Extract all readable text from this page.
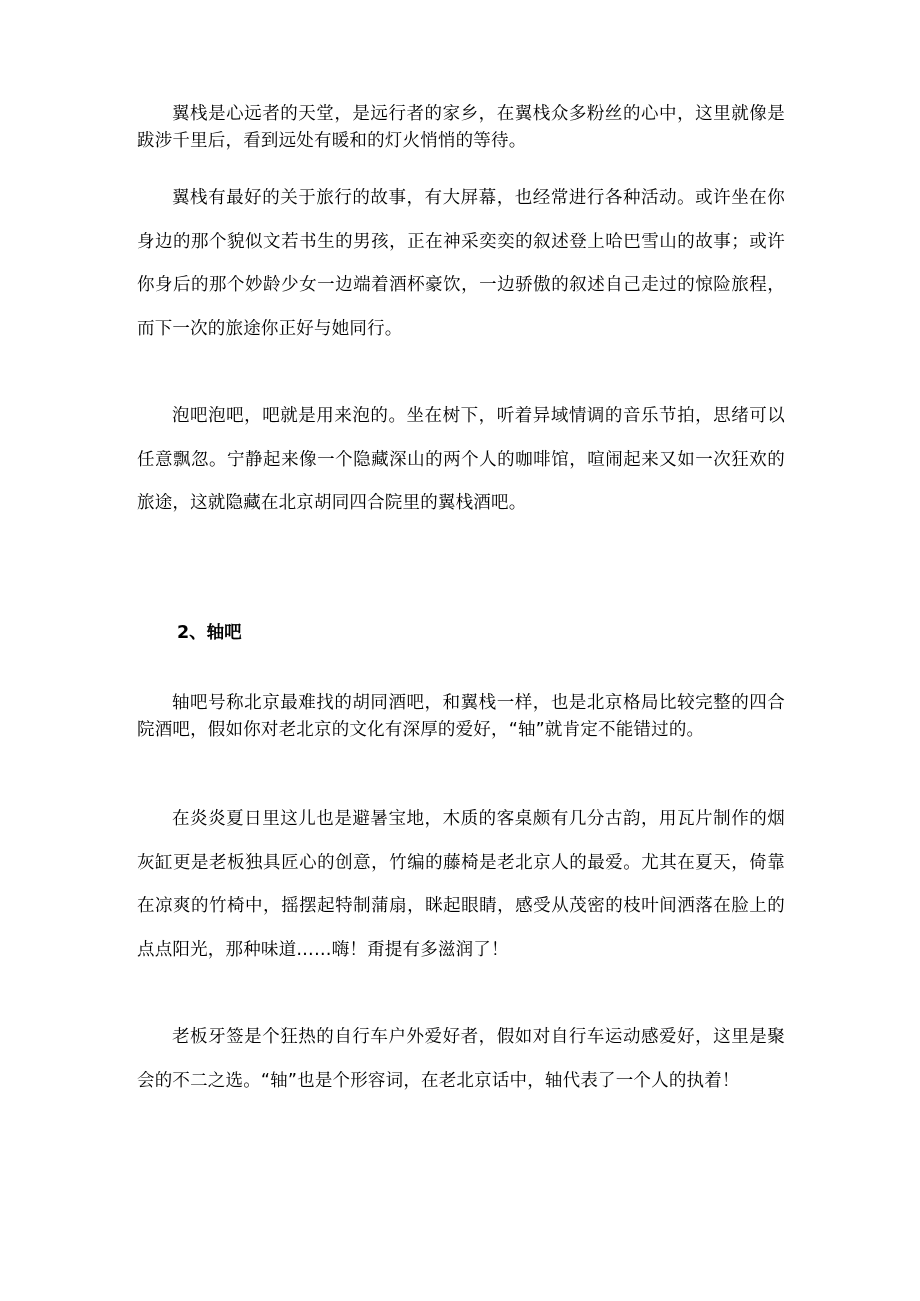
翼栈是心远者的天堂，是远行者的家乡，在翼栈众多粉丝的心中，这里就像是跋涉千里后，看到远处有暖和的灯火悄悄的等待。

翼栈有最好的关于旅行的故事，有大屏幕，也经常进行各种活动。或许坐在你身边的那个貌似文若书生的男孩，正在神采奕奕的叙述登上哈巴雪山的故事；或许你身后的那个妙龄少女一边端着酒杯豪饮，一边骄傲的叙述自己走过的惊险旅程，而下一次的旅途你正好与她同行。

泡吧泡吧，吧就是用来泡的。坐在树下，听着异域情调的音乐节拍，思绪可以任意飘忽。宁静起来像一个隐藏深山的两个人的咖啡馆，喧闹起来又如一次狂欢的旅途，这就隐藏在北京胡同四合院里的翼栈酒吧。

2、轴吧

轴吧号称北京最难找的胡同酒吧，和翼栈一样，也是北京格局比较完整的四合院酒吧，假如你对老北京的文化有深厚的爱好，“轴”就肯定不能错过的。

在炎炎夏日里这儿也是避暑宝地，木质的客桌颇有几分古韵，用瓦片制作的烟灰缸更是老板独具匠心的创意，竹编的藤椅是老北京人的最爱。尤其在夏天，倚靠在凉爽的竹椅中，摇摆起特制蒲扇，眯起眼睛，感受从茂密的枝叶间洒落在脸上的点点阳光，那种味道……嗨！甭提有多滋润了！

老板牙签是个狂热的自行车户外爱好者，假如对自行车运动感爱好，这里是聚会的不二之选。“轴”也是个形容词，在老北京话中，轴代表了一个人的执着！
